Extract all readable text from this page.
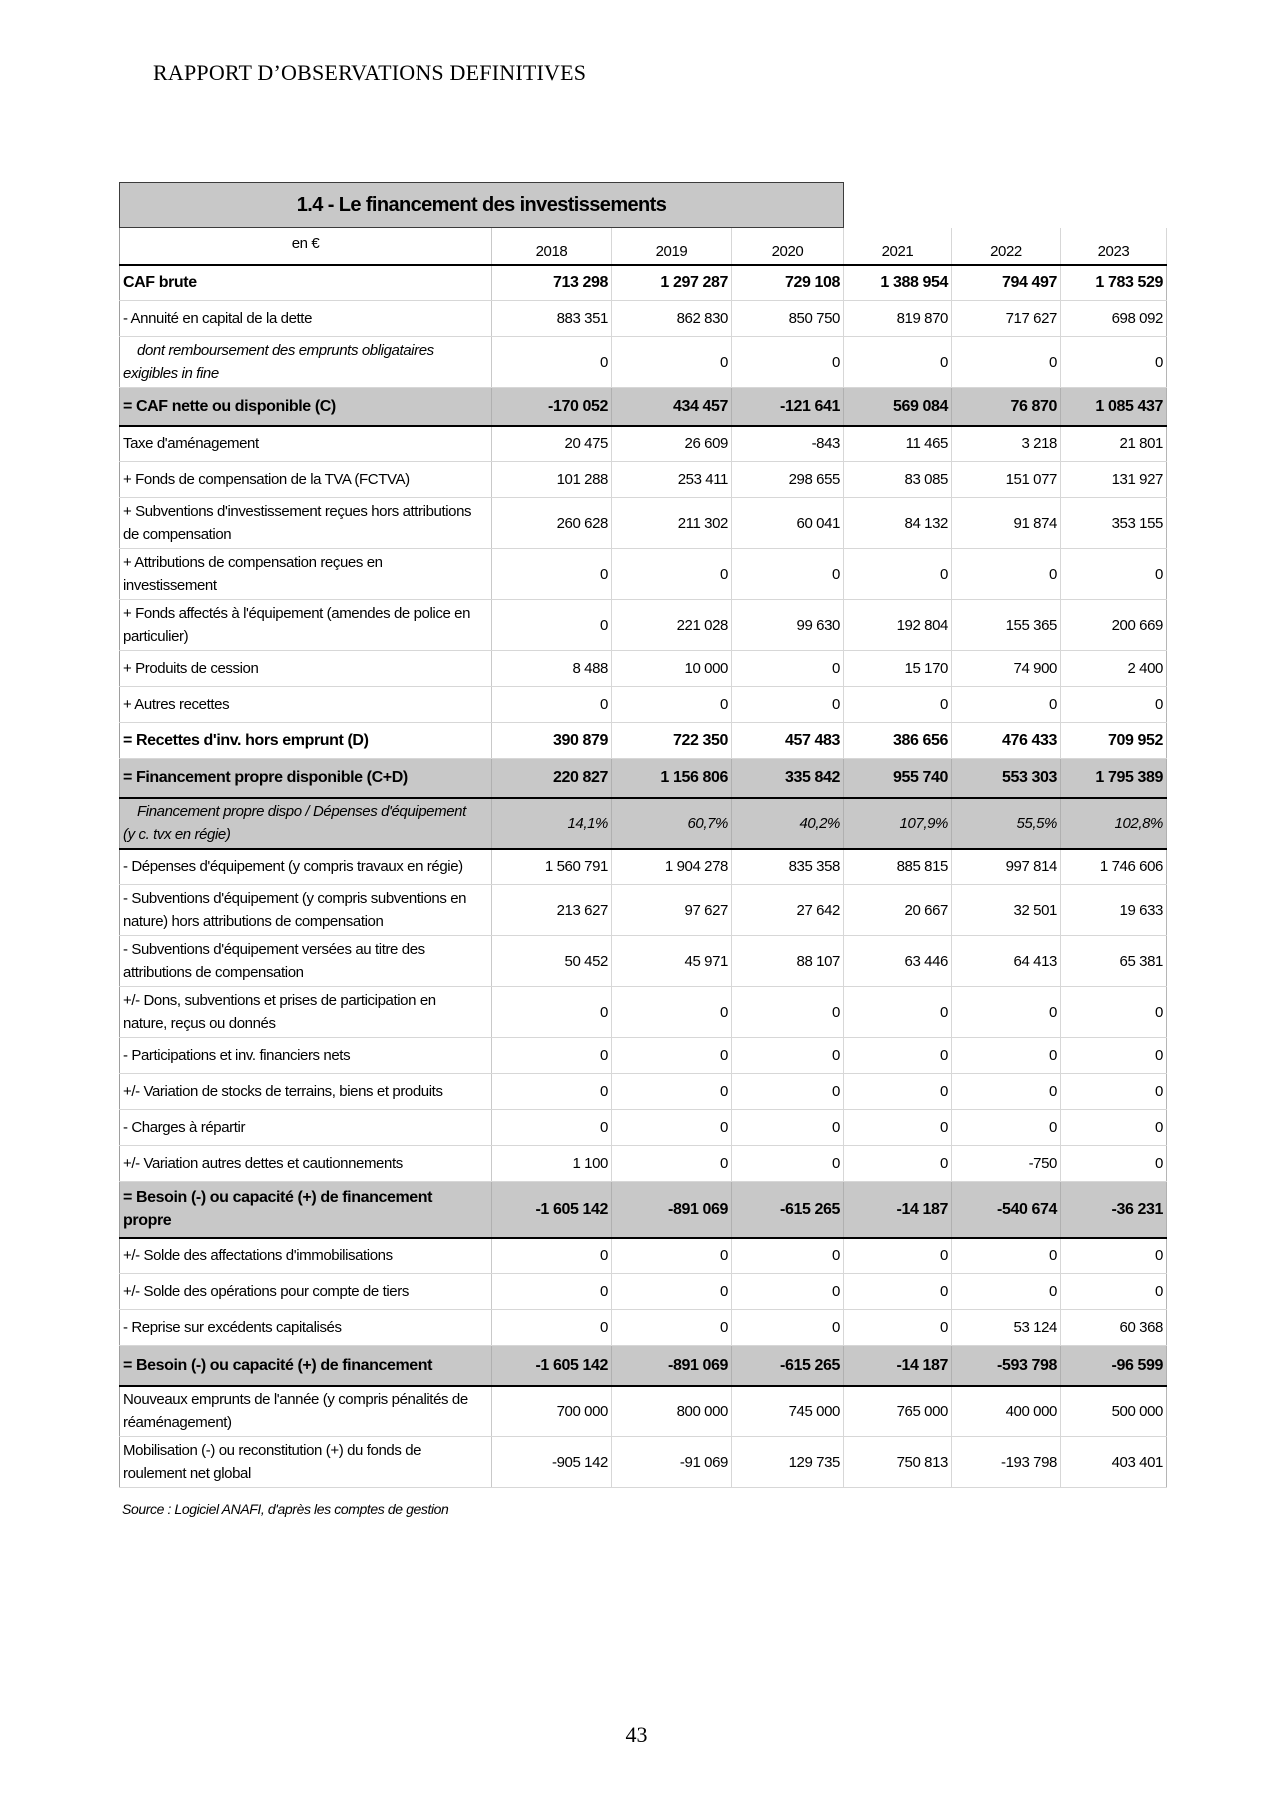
RAPPORT D’OBSERVATIONS DEFINITIVES
1.4 - Le financement des investissements						
en €	2018	2019	2020	2021	2022	2023
CAF brute	713 298	1 297 287	729 108	1 388 954	794 497	1 783 529
- Annuité en capital de la dette	883 351	862 830	850 750	819 870	717 627	698 092
dont remboursement des emprunts obligataires
exigibles in fine	0	0	0	0	0	0
= CAF nette ou disponible (C)	-170 052	434 457	-121 641	569 084	76 870	1 085 437
Taxe d'aménagement	20 475	26 609	-843	11 465	3 218	21 801
+ Fonds de compensation de la TVA (FCTVA)	101 288	253 411	298 655	83 085	151 077	131 927
+ Subventions d'investissement reçues hors attributions
de compensation	260 628	211 302	60 041	84 132	91 874	353 155
+ Attributions de compensation reçues en
investissement	0	0	0	0	0	0
+ Fonds affectés à l'équipement (amendes de police en
particulier)	0	221 028	99 630	192 804	155 365	200 669
+ Produits de cession	8 488	10 000	0	15 170	74 900	2 400
+ Autres recettes	0	0	0	0	0	0
= Recettes d'inv. hors emprunt (D)	390 879	722 350	457 483	386 656	476 433	709 952
= Financement propre disponible (C+D)	220 827	1 156 806	335 842	955 740	553 303	1 795 389
Financement propre dispo / Dépenses d'équipement
(y c. tvx en régie)	14,1%	60,7%	40,2%	107,9%	55,5%	102,8%
- Dépenses d'équipement (y compris travaux en régie)	1 560 791	1 904 278	835 358	885 815	997 814	1 746 606
- Subventions d'équipement (y compris subventions en
nature) hors attributions de compensation	213 627	97 627	27 642	20 667	32 501	19 633
- Subventions d'équipement versées au titre des
attributions de compensation	50 452	45 971	88 107	63 446	64 413	65 381
+/- Dons, subventions et prises de participation en
nature, reçus ou donnés	0	0	0	0	0	0
- Participations et inv. financiers nets	0	0	0	0	0	0
+/- Variation de stocks de terrains, biens et produits	0	0	0	0	0	0
- Charges à répartir	0	0	0	0	0	0
+/- Variation autres dettes et cautionnements	1 100	0	0	0	-750	0
= Besoin (-) ou capacité (+) de financement
propre	-1 605 142	-891 069	-615 265	-14 187	-540 674	-36 231
+/- Solde des affectations d'immobilisations	0	0	0	0	0	0
+/- Solde des opérations pour compte de tiers	0	0	0	0	0	0
- Reprise sur excédents capitalisés	0	0	0	0	53 124	60 368
= Besoin (-) ou capacité (+) de financement	-1 605 142	-891 069	-615 265	-14 187	-593 798	-96 599
Nouveaux emprunts de l'année (y compris pénalités de
réaménagement)	700 000	800 000	745 000	765 000	400 000	500 000
Mobilisation (-) ou reconstitution (+) du fonds de
roulement net global	-905 142	-91 069	129 735	750 813	-193 798	403 401
Source : Logiciel ANAFI, d'après les comptes de gestion
43
